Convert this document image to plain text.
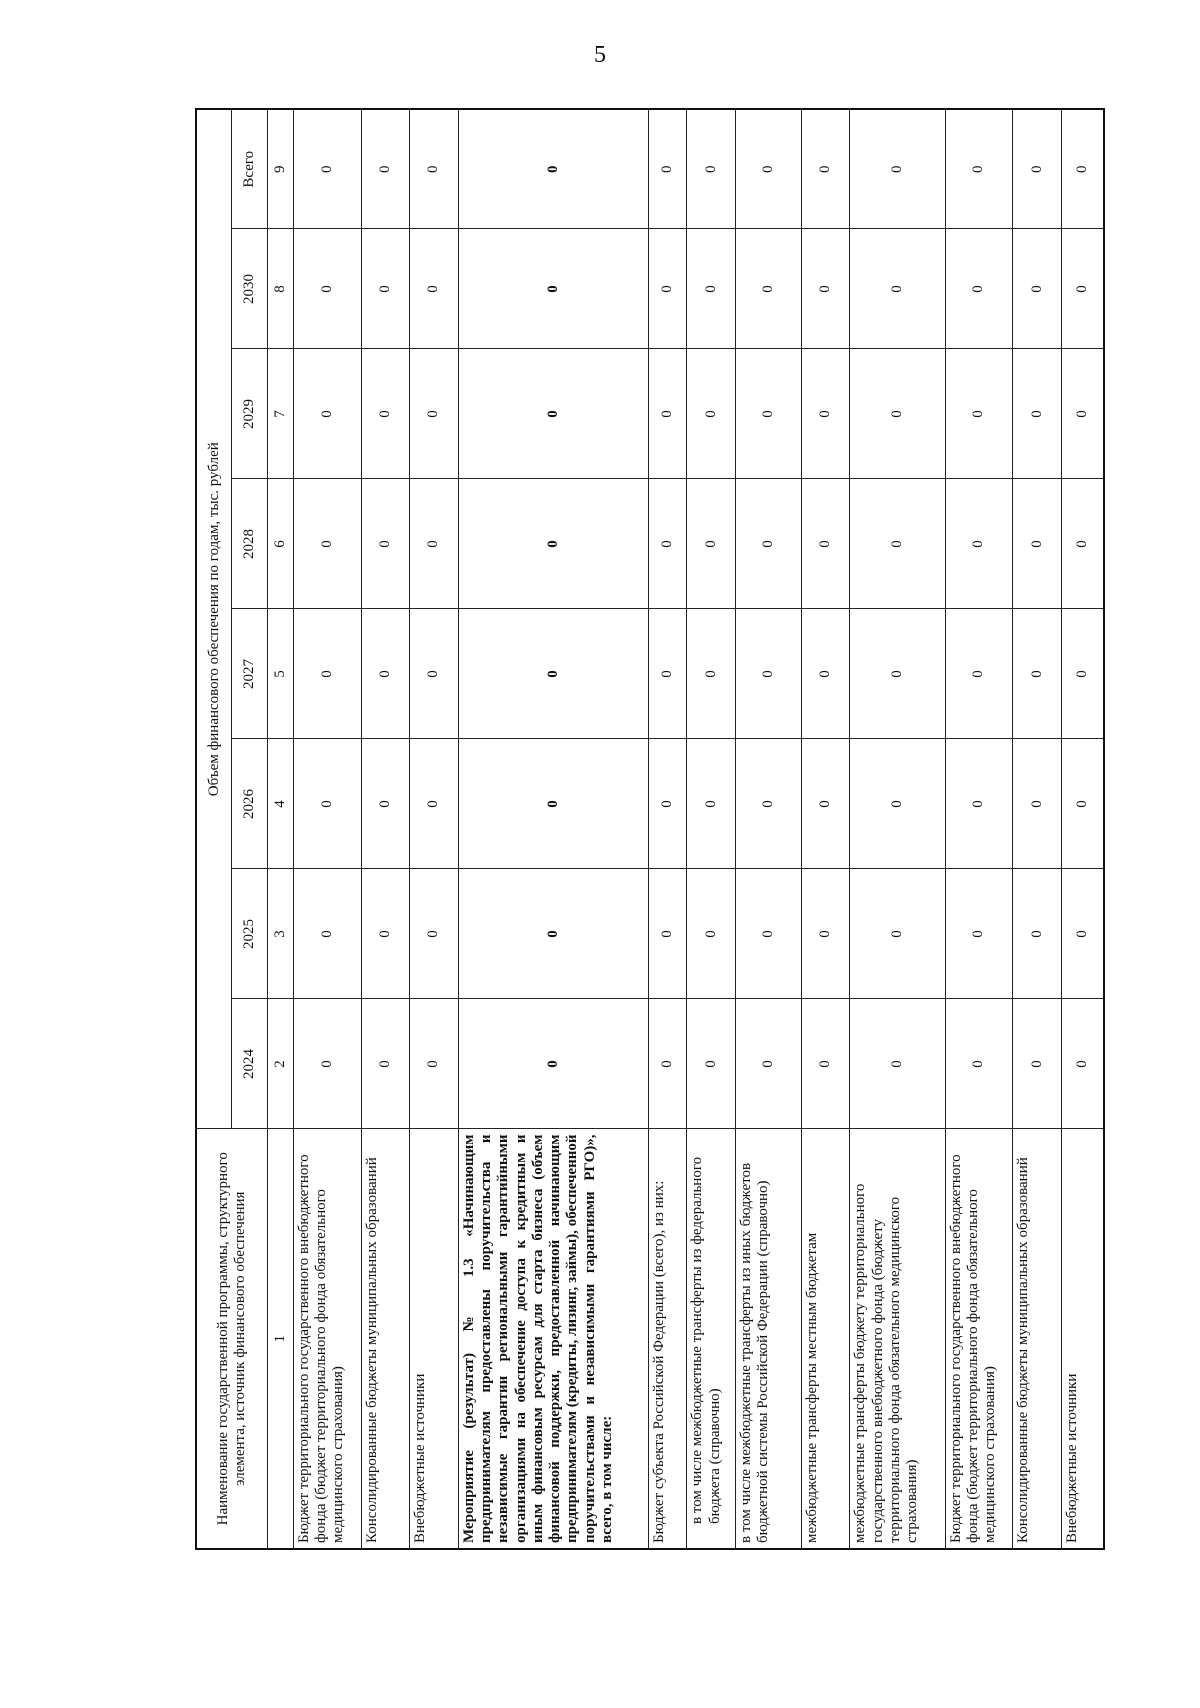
5
Наименование государственной программы, структурного элемента, источник финансового обеспечения	Объем финансового обеспечения по годам, тыс. рублей							
	2024	2025	2026	2027	2028	2029	2030	Всего
1	2	3	4	5	6	7	8	9
Бюджет территориального государственного внебюджетного фонда (бюджет территориального фонда обязательного медицинского страхования)	0	0	0	0	0	0	0	0
Консолидированные бюджеты муниципальных образований	0	0	0	0	0	0	0	0
Внебюджетные источники	0	0	0	0	0	0	0	0
Мероприятие (результат) № 1.3 «Начинающим предпринимателям предоставлены поручительства и независимые гарантии региональными гарантийными организациями на обеспечение доступа к кредитным и иным финансовым ресурсам для старта бизнеса (объем финансовой поддержки, предоставленной начинающим предпринимателям (кредиты, лизинг, займы), обеспеченной поручительствами и независимыми гарантиями РГО)», всего, в том числе:	0	0	0	0	0	0	0	0
Бюджет субъекта Российской Федерации (всего), из них:	0	0	0	0	0	0	0	0
в том числе межбюджетные трансферты из федерального бюджета (справочно)	0	0	0	0	0	0	0	0
в том числе межбюджетные трансферты из иных бюджетов бюджетной системы Российской Федерации (справочно)	0	0	0	0	0	0	0	0
межбюджетные трансферты местным бюджетам	0	0	0	0	0	0	0	0
межбюджетные трансферты бюджету территориального государственного внебюджетного фонда (бюджету территориального фонда обязательного медицинского страхования)	0	0	0	0	0	0	0	0
Бюджет территориального государственного внебюджетного фонда (бюджет территориального фонда обязательного медицинского страхования)	0	0	0	0	0	0	0	0
Консолидированные бюджеты муниципальных образований	0	0	0	0	0	0	0	0
Внебюджетные источники	0	0	0	0	0	0	0	0
